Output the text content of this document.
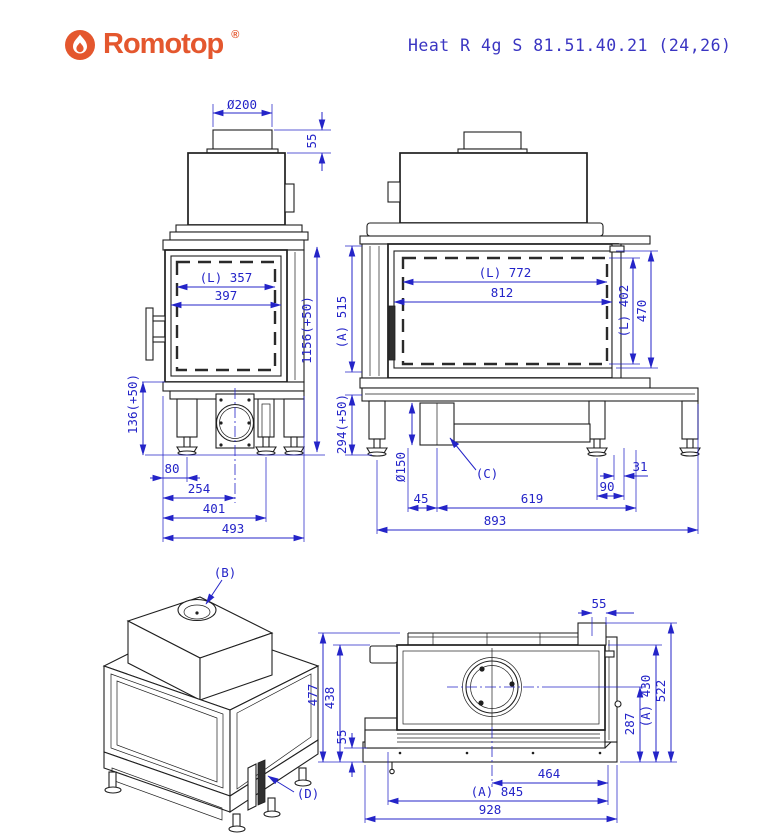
Romotop ®
Heat R 4g S 81.51.40.21 (24,26)
Ø200
55
1156(+50)
(L) 357
397
136(+50)
80
254
401
493
(A) 515
294(+50)
(L) 772
812	(L) 402 470
Ø150	(C)	31
90
45	619
893
(B)
(D)
55
477 438
55
287 (A) 430 522
464
(A) 845
928
